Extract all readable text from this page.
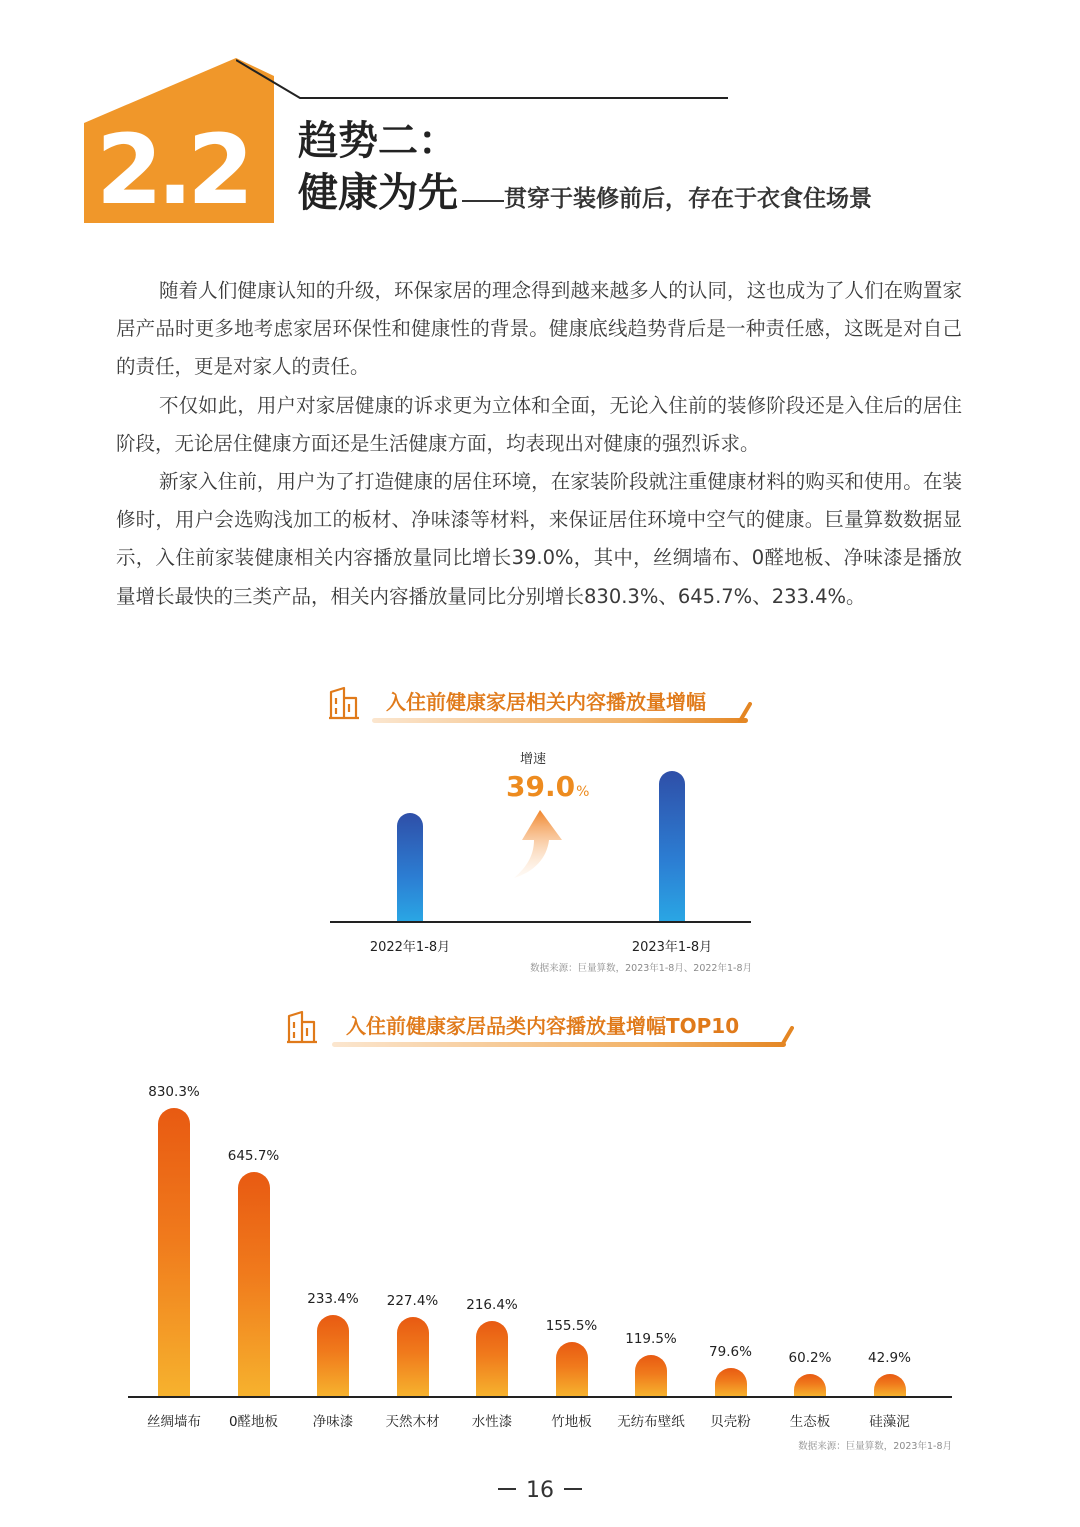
2.2 趋势二：
健康为先 贯穿于装修前后，存在于衣食住场景

随着人们健康认知的升级，环保家居的理念得到越来越多人的认同，这也成为了人们在购置家居产品时更多地考虑家居环保性和健康性的背景。健康底线趋势背后是一种责任感，这既是对自己的责任，更是对家人的责任。

不仅如此，用户对家居健康的诉求更为立体和全面，无论入住前的装修阶段还是入住后的居住阶段，无论居住健康方面还是生活健康方面，均表现出对健康的强烈诉求。

新家入住前，用户为了打造健康的居住环境，在家装阶段就注重健康材料的购买和使用。在装修时，用户会选购浅加工的板材、净味漆等材料，来保证居住环境中空气的健康。巨量算数数据显示，入住前家装健康相关内容播放量同比增长39.0%，其中，丝绸墙布、0醛地板、净味漆是播放量增长最快的三类产品，相关内容播放量同比分别增长830.3%、645.7%、233.4%。

入住前健康家居相关内容播放量增幅
增速
39.0%
数据来源：巨量算数，2023年1-8月、2022年1-8月
2022年1-8月	2023年1-8月
入住前健康家居品类内容播放量增幅TOP10
数据来源：巨量算数，2023年1-8月
830.3%
丝绸墙布
645.7%
0醛地板
233.4%
净味漆
227.4%
天然木材
216.4%
水性漆
155.5%
竹地板
119.5%
无纺布壁纸
79.6%
贝壳粉
60.2%
生态板
42.9%
硅藻泥
16
